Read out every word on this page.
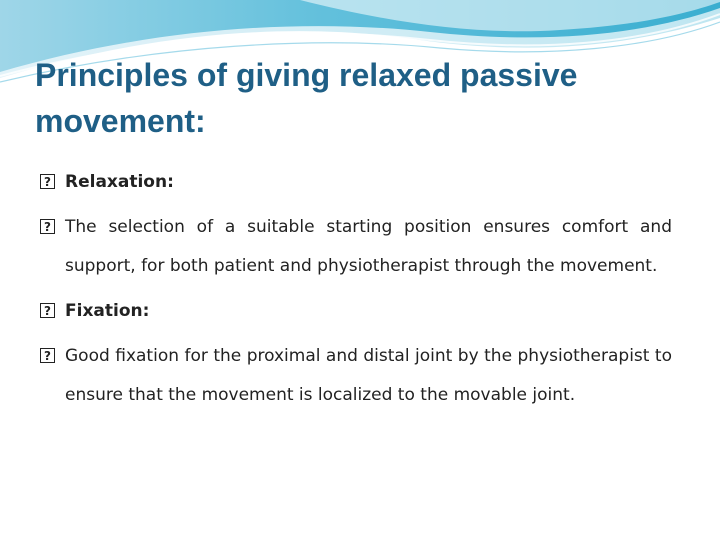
Principles of giving relaxed passive movement:
? Relaxation:
? The selection of a suitable starting position ensures comfort and support, for both patient and physiotherapist through the movement.
? Fixation:
? Good fixation for the proximal and distal joint by the physiotherapist to ensure that the movement is localized to the movable joint.
